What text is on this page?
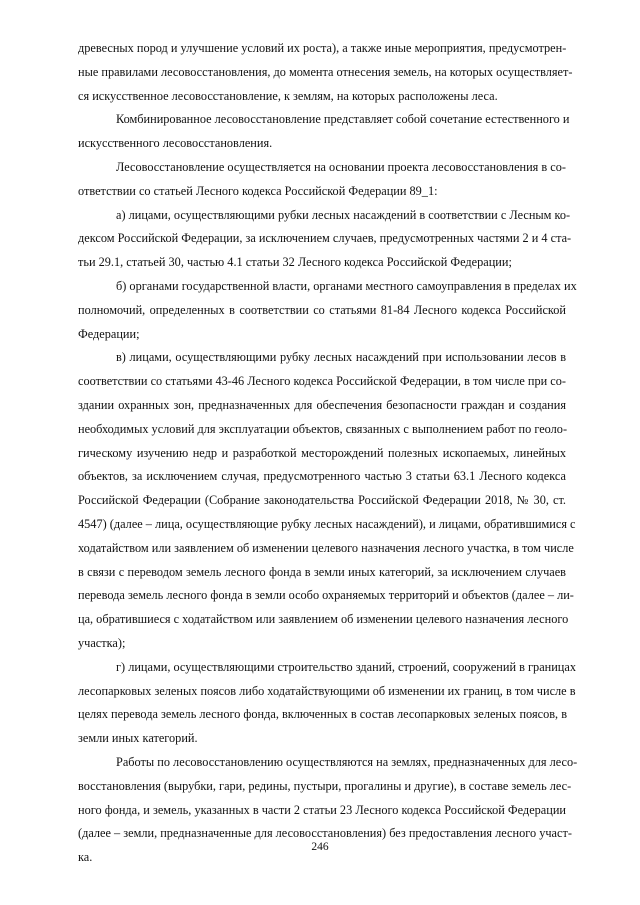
древесных пород и улучшение условий их роста), а также иные мероприятия, предусмотрен-
ные правилами лесовосстановления, до момента отнесения земель, на которых осуществляет-
ся искусственное лесовосстановление, к землям, на которых расположены леса.
Комбинированное лесовосстановление представляет собой сочетание естественного и
искусственного лесовосстановления.
Лесовосстановление осуществляется на основании проекта лесовосстановления в со-
ответствии со статьей Лесного кодекса Российской Федерации 89_1:
а) лицами, осуществляющими рубки лесных насаждений в соответствии с Лесным ко-
дексом Российской Федерации, за исключением случаев, предусмотренных частями 2 и 4 ста-
тьи 29.1, статьей 30, частью 4.1 статьи 32 Лесного кодекса Российской Федерации;
б) органами государственной власти, органами местного самоуправления в пределах их
полномочий, определенных в соответствии со статьями 81-84 Лесного кодекса Российской
Федерации;
в) лицами, осуществляющими рубку лесных насаждений при использовании лесов в
соответствии со статьями 43-46 Лесного кодекса Российской Федерации, в том числе при со-
здании охранных зон, предназначенных для обеспечения безопасности граждан и создания
необходимых условий для эксплуатации объектов, связанных с выполнением работ по геоло-
гическому изучению недр и разработкой месторождений полезных ископаемых, линейных
объектов, за исключением случая, предусмотренного частью 3 статьи 63.1 Лесного кодекса
Российской Федерации (Собрание законодательства Российской Федерации 2018, № 30, ст.
4547) (далее – лица, осуществляющие рубку лесных насаждений), и лицами, обратившимися с
ходатайством или заявлением об изменении целевого назначения лесного участка, в том числе
в связи с переводом земель лесного фонда в земли иных категорий, за исключением случаев
перевода земель лесного фонда в земли особо охраняемых территорий и объектов (далее – ли-
ца, обратившиеся с ходатайством или заявлением об изменении целевого назначения лесного
участка);
г) лицами, осуществляющими строительство зданий, строений, сооружений в границах
лесопарковых зеленых поясов либо ходатайствующими об изменении их границ, в том числе в
целях перевода земель лесного фонда, включенных в состав лесопарковых зеленых поясов, в
земли иных категорий.
Работы по лесовосстановлению осуществляются на землях, предназначенных для лесо-
восстановления (вырубки, гари, редины, пустыри, прогалины и другие), в составе земель лес-
ного фонда, и земель, указанных в части 2 статьи 23 Лесного кодекса Российской Федерации
(далее – земли, предназначенные для лесовосстановления) без предоставления лесного участ-
ка.
246
